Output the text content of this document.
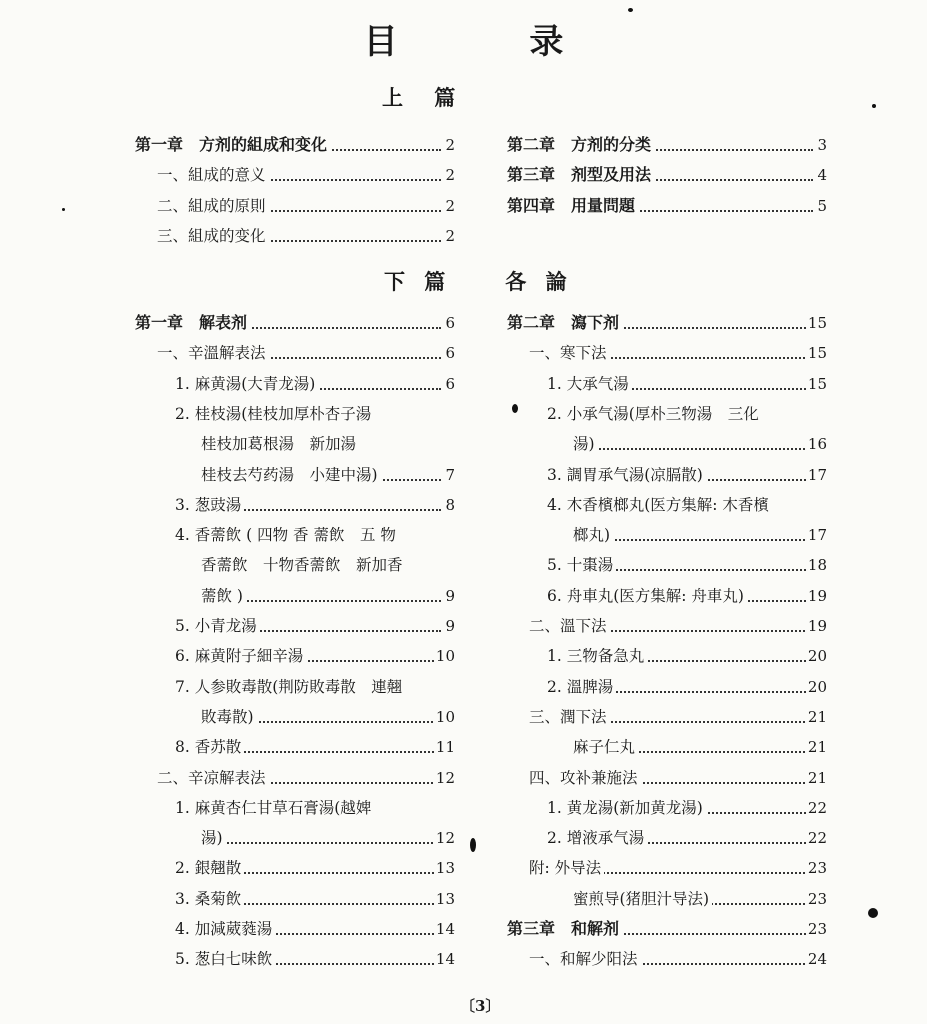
目 录
上 篇
下 篇　　各 論
第一章　方剂的組成和变化	2
一、組成的意义	2
二、組成的原則	2
三、組成的变化	2
第二章　方剂的分类	3
第三章　剂型及用法	4
第四章　用量問題	5
第一章　解表剂	6
一、辛溫解表法	6
1. 麻黄湯(大青龙湯)	6
2. 桂枝湯(桂枝加厚朴杏子湯
桂枝加葛根湯　新加湯
桂枝去芍药湯　小建中湯)	7
3. 葱豉湯	8
4. 香薷飲 ( 四物 香 薷飲　五 物
香薷飲　十物香薷飲　新加香
薷飲 )	9
5. 小青龙湯	9
6. 麻黄附子細辛湯	10
7. 人参敗毒散(荆防敗毒散　連翹
敗毒散)	10
8. 香苏散	11
二、辛凉解表法	12
1. 麻黄杏仁甘草石膏湯(越婢
湯)	12
2. 銀翹散	13
3. 桑菊飲	13
4. 加減葳蕤湯	14
5. 葱白七味飲	14
第二章　瀉下剂	15
一、寒下法	15
1. 大承气湯	15
2. 小承气湯(厚朴三物湯　三化
湯)	16
3. 調胃承气湯(凉膈散)	17
4. 木香檳榔丸(医方集解: 木香檳
榔丸)	17
5. 十棗湯	18
6. 舟車丸(医方集解: 舟車丸)	19
二、溫下法	19
1. 三物备急丸	20
2. 溫脾湯	20
三、潤下法	21
麻子仁丸	21
四、攻补兼施法	21
1. 黄龙湯(新加黄龙湯)	22
2. 增液承气湯	22
附: 外导法	23
蜜煎导(猪胆汁导法)	23
第三章　和解剂	23
一、和解少阳法	24
〔3〕
